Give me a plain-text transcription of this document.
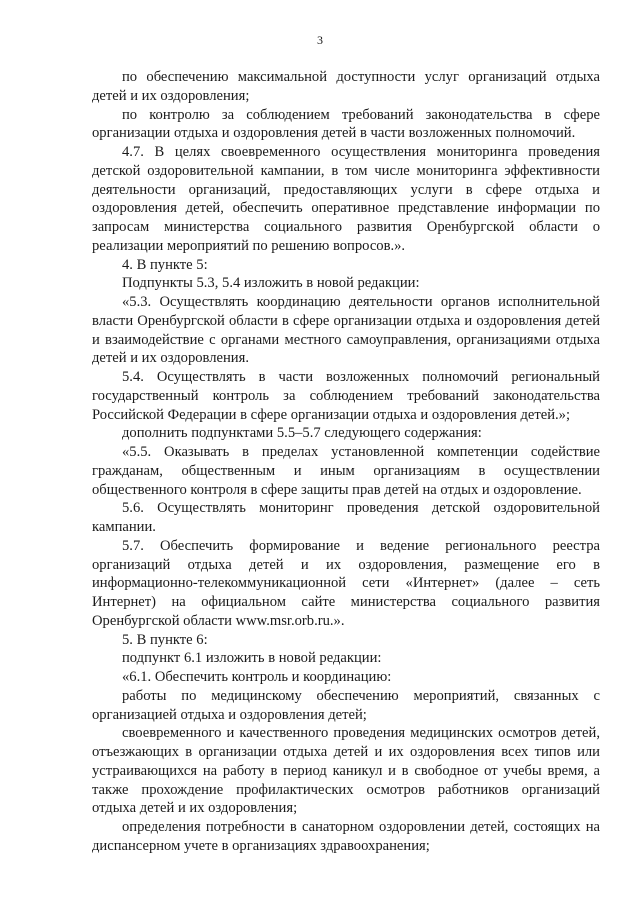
3

по обеспечению максимальной доступности услуг организаций отдыха детей и их оздоровления;

по контролю за соблюдением требований законодательства в сфере организации отдыха и оздоровления детей в части возложенных полномочий.

4.7. В целях своевременного осуществления мониторинга проведения детской оздоровительной кампании, в том числе мониторинга эффективности деятельности организаций, предоставляющих услуги в сфере отдыха и оздоровления детей, обеспечить оперативное представление информации по запросам министерства социального развития Оренбургской области о реализации мероприятий по решению вопросов.».

4. В пункте 5:

Подпункты 5.3, 5.4 изложить в новой редакции:

«5.3. Осуществлять координацию деятельности органов исполнительной власти Оренбургской области в сфере организации отдыха и оздоровления детей и взаимодействие с органами местного самоуправления, организациями отдыха детей и их оздоровления.

5.4. Осуществлять в части возложенных полномочий региональный государственный контроль за соблюдением требований законодательства Российской Федерации в сфере организации отдыха и оздоровления детей.»;

дополнить подпунктами 5.5–5.7 следующего содержания:

«5.5. Оказывать в пределах установленной компетенции содействие гражданам, общественным и иным организациям в осуществлении общественного контроля в сфере защиты прав детей на отдых и оздоровление.

5.6. Осуществлять мониторинг проведения детской оздоровительной кампании.

5.7. Обеспечить формирование и ведение регионального реестра организаций отдыха детей и их оздоровления, размещение его в информационно-телекоммуникационной сети «Интернет» (далее – сеть Интернет) на официальном сайте министерства социального развития Оренбургской области www.msr.orb.ru.».

5. В пункте 6:

подпункт 6.1 изложить в новой редакции:

«6.1. Обеспечить контроль и координацию:

работы по медицинскому обеспечению мероприятий, связанных с организацией отдыха и оздоровления детей;

своевременного и качественного проведения медицинских осмотров детей, отъезжающих в организации отдыха детей и их оздоровления всех типов или устраивающихся на работу в период каникул и в свободное от учебы время, а также прохождение профилактических осмотров работников организаций отдыха детей и их оздоровления;

определения потребности в санаторном оздоровлении детей, состоящих на диспансерном учете в организациях здравоохранения;
